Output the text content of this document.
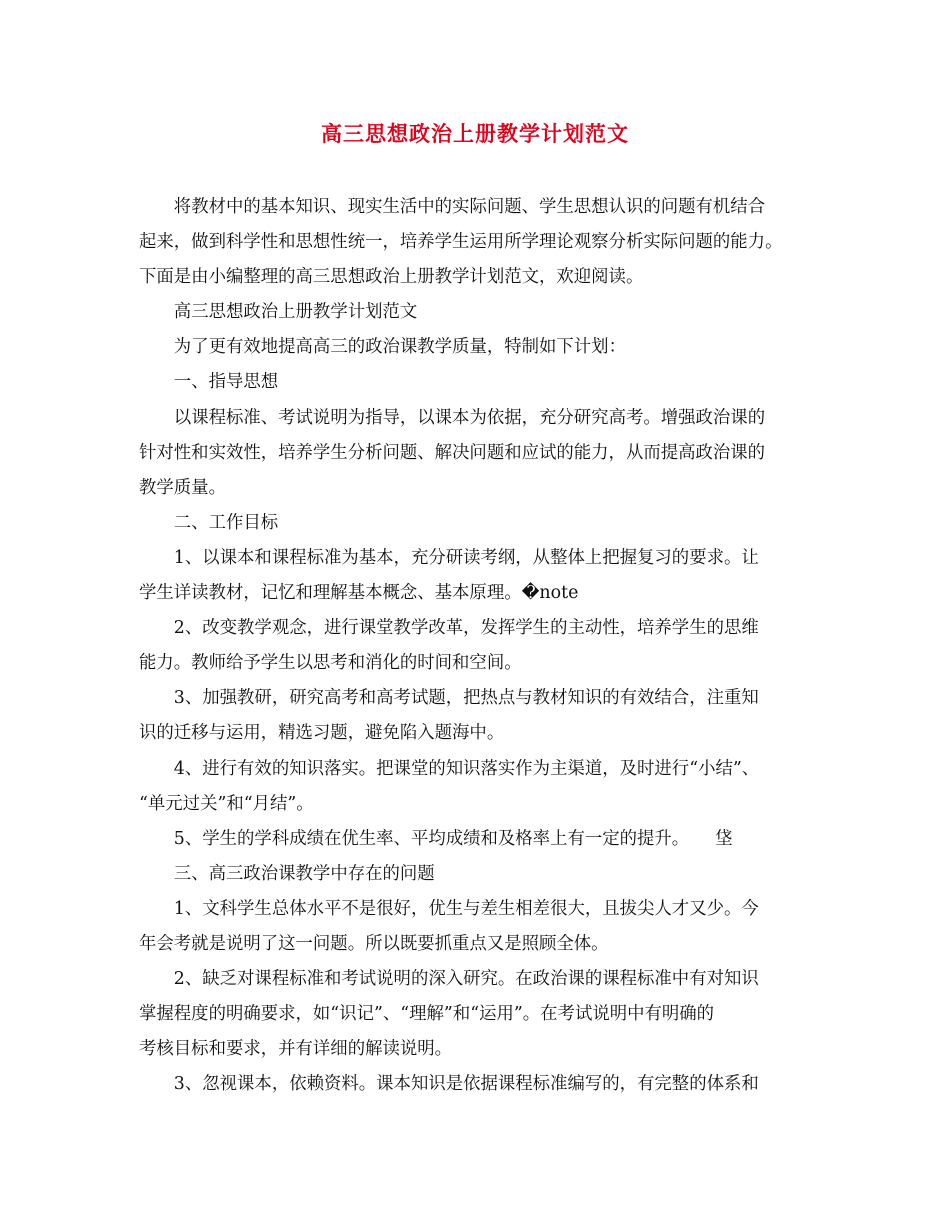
高三思想政治上册教学计划范文
将教材中的基本知识、现实生活中的实际问题、学生思想认识的问题有机结合
起来，做到科学性和思想性统一，培养学生运用所学理论观察分析实际问题的能力。
下面是由小编整理的高三思想政治上册教学计划范文，欢迎阅读。
高三思想政治上册教学计划范文
为了更有效地提高高三的政治课教学质量，特制如下计划：
一、指导思想
以课程标准、考试说明为指导，以课本为依据，充分研究高考。增强政治课的
针对性和实效性，培养学生分析问题、解决问题和应试的能力，从而提高政治课的
教学质量。
二、工作目标
1、以课本和课程标准为基本，充分研读考纲，从整体上把握复习的要求。让
学生详读教材，记忆和理解基本概念、基本原理。�note
2、改变教学观念，进行课堂教学改革，发挥学生的主动性，培养学生的思维
能力。教师给予学生以思考和消化的时间和空间。
3、加强教研，研究高考和高考试题，把热点与教材知识的有效结合，注重知
识的迁移与运用，精选习题，避免陷入题海中。
4、进行有效的知识落实。把课堂的知识落实作为主渠道，及时进行“小结”、
“单元过关”和“月结”。
5、学生的学科成绩在优生率、平均成绩和及格率上有一定的提升。　　垡
三、高三政治课教学中存在的问题
1、文科学生总体水平不是很好，优生与差生相差很大，且拔尖人才又少。今
年会考就是说明了这一问题。所以既要抓重点又是照顾全体。
2、缺乏对课程标准和考试说明的深入研究。在政治课的课程标准中有对知识
掌握程度的明确要求，如“识记”、“理解”和“运用”。在考试说明中有明确的
考核目标和要求，并有详细的解读说明。
3、忽视课本，依赖资料。课本知识是依据课程标准编写的，有完整的体系和
